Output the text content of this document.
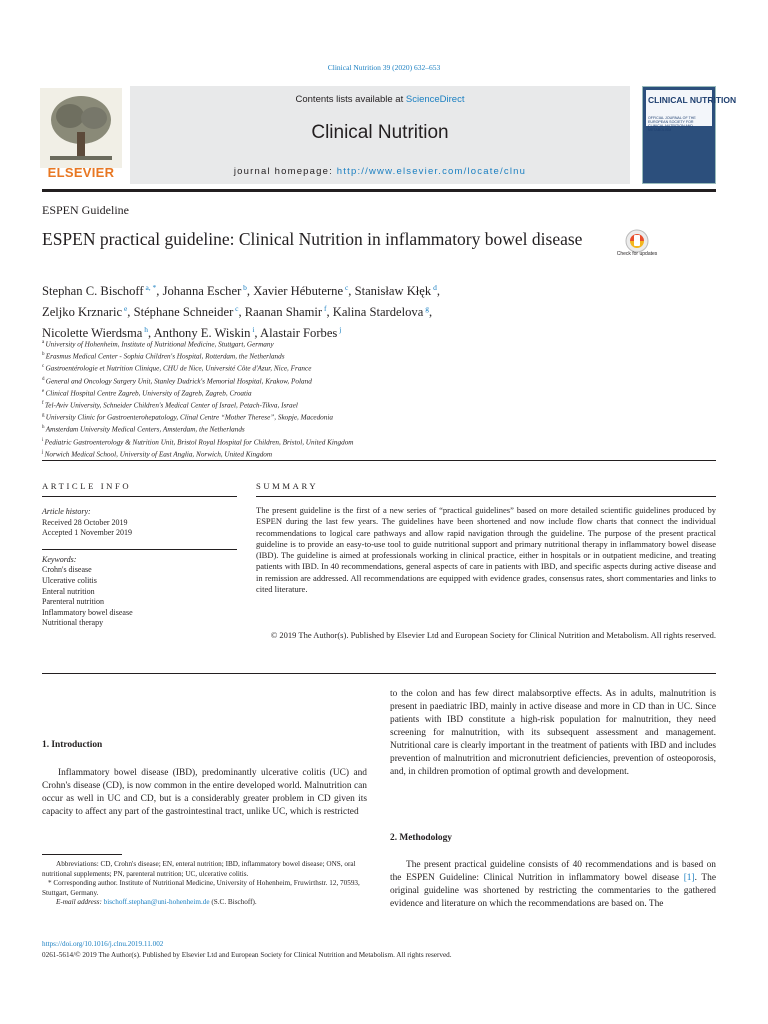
Clinical Nutrition 39 (2020) 632–653
Contents lists available at ScienceDirect
Clinical Nutrition
journal homepage: http://www.elsevier.com/locate/clnu
ELSEVIER
CLINICAL NUTRITION
OFFICIAL JOURNAL OF THE EUROPEAN SOCIETY FOR CLINICAL NUTRITION AND METABOLISM
ESPEN Guideline
ESPEN practical guideline: Clinical Nutrition in inflammatory bowel disease
Check for updates
Stephan C. Bischoff $^{a, *}$, Johanna Escher $^b$, Xavier Hébuterne $^c$, Stanisław Kłęk $^d$,
Zeljko Krznaric $^e$, Stéphane Schneider $^c$, Raanan Shamir $^f$, Kalina Stardelova $^g$,
Nicolette Wierdsma $^h$, Anthony E. Wiskin $^i$, Alastair Forbes $^j$
$^a$ University of Hohenheim, Institute of Nutritional Medicine, Stuttgart, Germany
$^b$ Erasmus Medical Center - Sophia Children's Hospital, Rotterdam, the Netherlands
$^c$ Gastroentérologie et Nutrition Clinique, CHU de Nice, Université Côte d'Azur, Nice, France
$^d$ General and Oncology Surgery Unit, Stanley Dudrick's Memorial Hospital, Krakow, Poland
$^e$ Clinical Hospital Centre Zagreb, University of Zagreb, Zagreb, Croatia
$^f$ Tel-Aviv University, Schneider Children's Medical Center of Israel, Petach-Tikva, Israel
$^g$ University Clinic for Gastroenterohepatology, Clinal Centre “Mother Therese”, Skopje, Macedonia
$^h$ Amsterdam University Medical Centers, Amsterdam, the Netherlands
$^i$ Pediatric Gastroenterology & Nutrition Unit, Bristol Royal Hospital for Children, Bristol, United Kingdom
$^j$ Norwich Medical School, University of East Anglia, Norwich, United Kingdom
ARTICLE INFO	SUMMARY
Article history:
Received 28 October 2019
Accepted 1 November 2019
Keywords:
Crohn's disease
Ulcerative colitis
Enteral nutrition
Parenteral nutrition
Inflammatory bowel disease
Nutritional therapy
The present guideline is the first of a new series of “practical guidelines” based on more detailed scientific guidelines produced by ESPEN during the last few years. The guidelines have been shortened and now include flow charts that connect the individual recommendations to logical care pathways and allow rapid navigation through the guideline. The purpose of the present practical guideline is to provide an easy-to-use tool to guide nutritional support and primary nutritional therapy in inflammatory bowel disease (IBD). The guideline is aimed at professionals working in clinical practice, either in hospitals or in outpatient medicine, and treating patients with IBD. In 40 recommendations, general aspects of care in patients with IBD, and specific aspects during active disease and in remission are addressed. All recommendations are equipped with evidence grades, consensus rates, short commentaries and links to cited literature.
© 2019 The Author(s). Published by Elsevier Ltd and European Society for Clinical Nutrition and Metabolism. All rights reserved.
1. Introduction
Inflammatory bowel disease (IBD), predominantly ulcerative colitis (UC) and Crohn's disease (CD), is now common in the entire developed world. Malnutrition can occur as well in UC and CD, but is a considerably greater problem in CD given its capacity to affect any part of the gastrointestinal tract, unlike UC, which is restricted
to the colon and has few direct malabsorptive effects. As in adults, malnutrition is present in paediatric IBD, mainly in active disease and more in CD than in UC. Since patients with IBD constitute a high-risk population for malnutrition, they need screening for malnutrition, with its subsequent assessment and management. Nutritional care is clearly important in the treatment of patients with IBD and includes prevention of malnutrition and micronutrient deficiencies, prevention of osteoporosis, and, in children promotion of optimal growth and development.
2. Methodology
The present practical guideline consists of 40 recommendations and is based on the ESPEN Guideline: Clinical Nutrition in inflammatory bowel disease [1]. The original guideline was shortened by restricting the commentaries to the gathered evidence and literature on which the recommendations are based on. The
Abbreviations: CD, Crohn's disease; EN, enteral nutrition; IBD, inflammatory bowel disease; ONS, oral nutritional supplements; PN, parenteral nutrition; UC, ulcerative colitis.
* Corresponding author. Institute of Nutritional Medicine, University of Hohenheim, Fruwirthstr. 12, 70593, Stuttgart, Germany.
E-mail address: bischoff.stephan@uni-hohenheim.de (S.C. Bischoff).
https://doi.org/10.1016/j.clnu.2019.11.002
0261-5614/© 2019 The Author(s). Published by Elsevier Ltd and European Society for Clinical Nutrition and Metabolism. All rights reserved.
